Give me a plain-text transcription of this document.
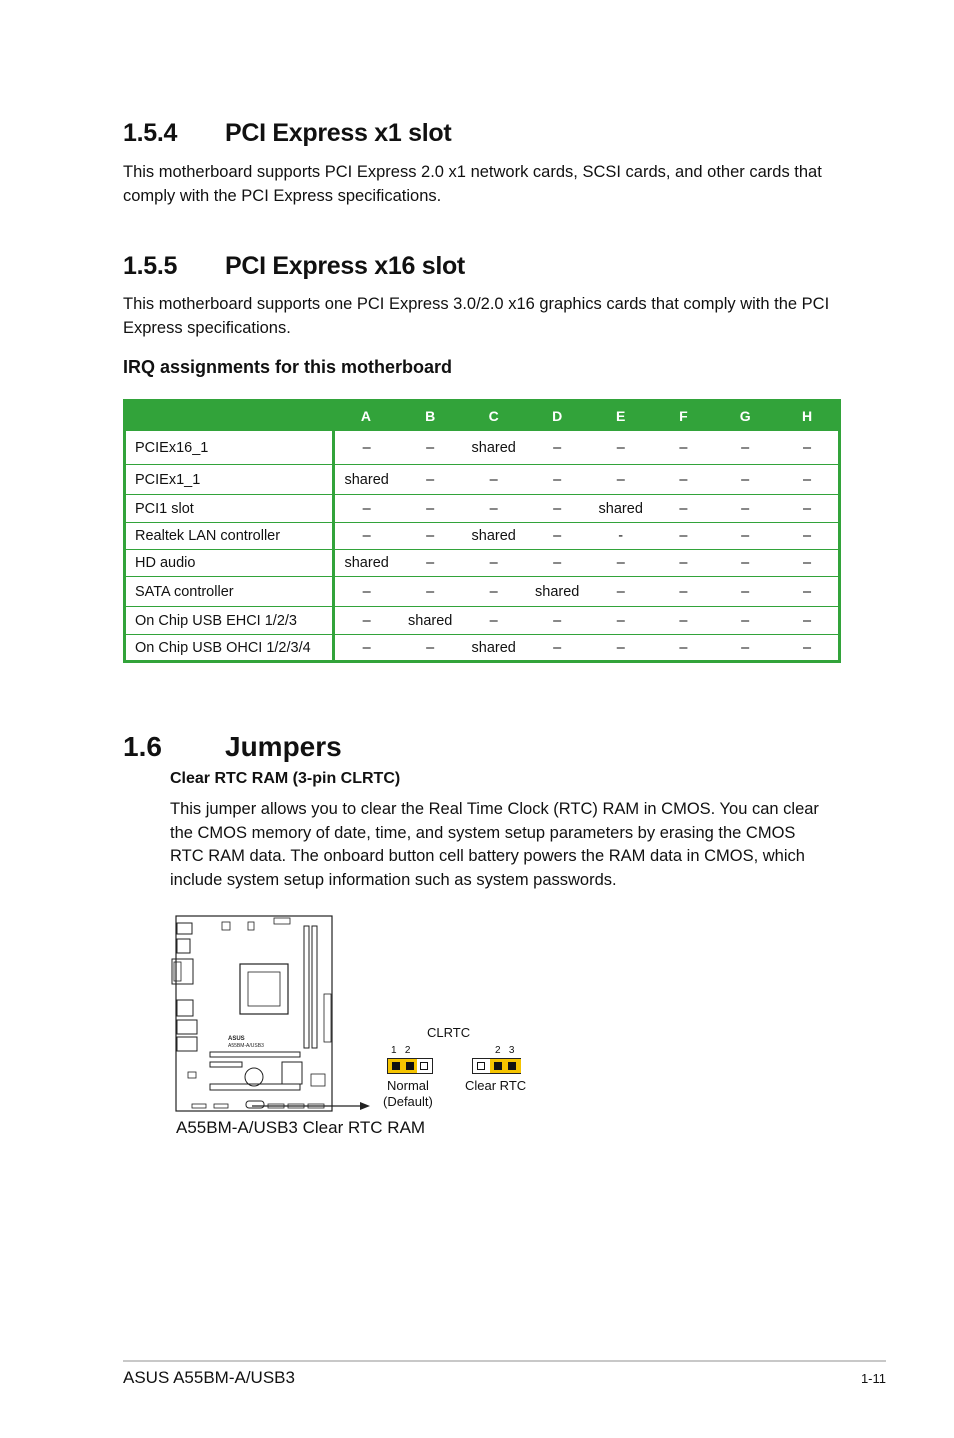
1.5.4 PCI Express x1 slot

This motherboard supports PCI Express 2.0 x1 network cards, SCSI cards, and other cards that comply with the PCI Express specifications.

1.5.5 PCI Express x16 slot

This motherboard supports one PCI Express 3.0/2.0 x16 graphics cards that comply with the PCI Express specifications.

IRQ assignments for this motherboard
	A	B	C	D	E	F	G	H
PCIEx16_1	–	–	shared	–	–	–	–	–
PCIEx1_1	shared	–	–	–	–	–	–	–
PCI1 slot	–	–	–	–	shared	–	–	–
Realtek LAN controller	–	–	shared	–	-	–	–	–
HD audio	shared	–	–	–	–	–	–	–
SATA controller	–	–	–	shared	–	–	–	–
On Chip USB EHCI 1/2/3	–	shared	–	–	–	–	–	–
On Chip USB OHCI 1/2/3/4	–	–	shared	–	–	–	–	–
1.6 Jumpers
Clear RTC RAM (3-pin CLRTC)

This jumper allows you to clear the Real Time Clock (RTC) RAM in CMOS. You can clear the CMOS memory of date, time, and system setup parameters by erasing the CMOS RTC RAM data. The onboard button cell battery powers the RAM data in CMOS, which include system setup information such as system passwords.

ASUS
A55BM-A/USB3
CLRTC
1   2
Normal
(Default)
2   3
Clear RTC
A55BM-A/USB3 Clear RTC RAM
ASUS A55BM-A/USB3	1-11
